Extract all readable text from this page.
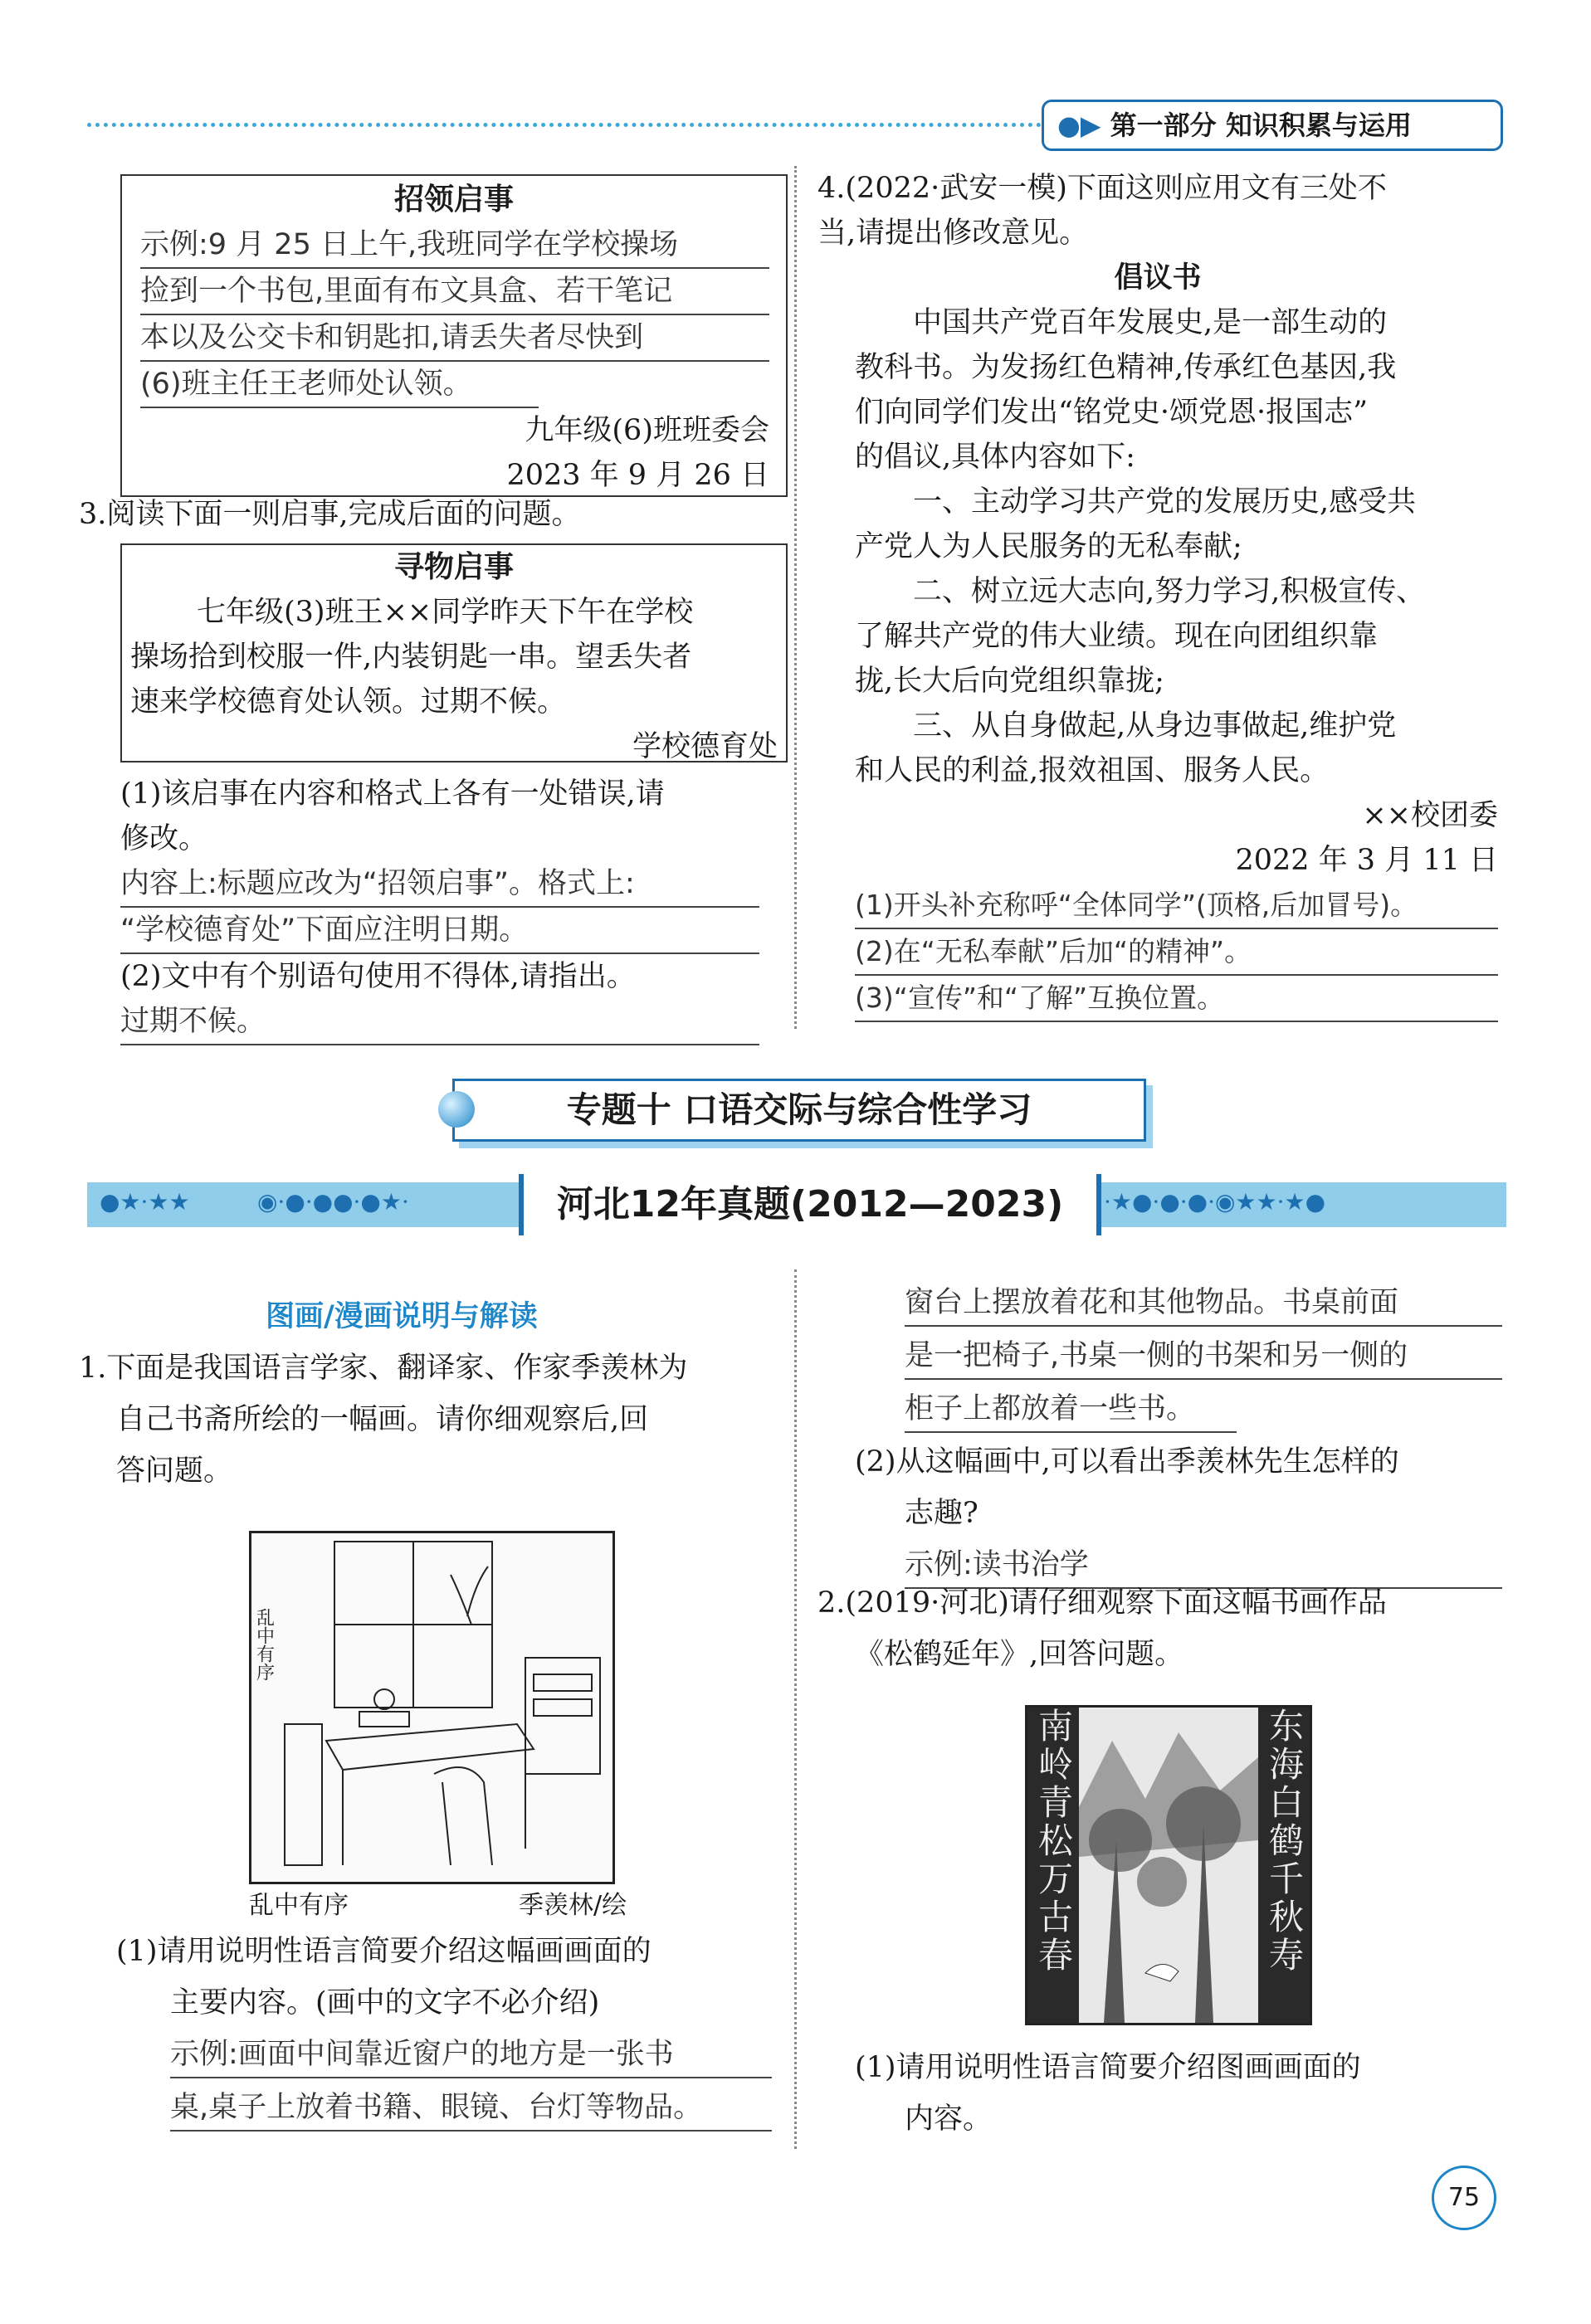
●▶ 第一部分 知识积累与运用
招领启事
示例:9 月 25 日上午,我班同学在学校操场
捡到一个书包,里面有布文具盒、若干笔记
本以及公交卡和钥匙扣,请丢失者尽快到
(6)班主任王老师处认领。
九年级(6)班班委会
2023 年 9 月 26 日
3.阅读下面一则启事,完成后面的问题。
寻物启事
七年级(3)班王××同学昨天下午在学校
操场拾到校服一件,内装钥匙一串。望丢失者
速来学校德育处认领。过期不候。
学校德育处
(1)该启事在内容和格式上各有一处错误,请
修改。
内容上:标题应改为“招领启事”。格式上:
“学校德育处”下面应注明日期。
(2)文中有个别语句使用不得体,请指出。
过期不候。
4.(2022·武安一模)下面这则应用文有三处不
当,请提出修改意见。
倡议书
中国共产党百年发展史,是一部生动的
教科书。为发扬红色精神,传承红色基因,我
们向同学们发出“铭党史·颂党恩·报国志”
的倡议,具体内容如下:
一、主动学习共产党的发展历史,感受共
产党人为人民服务的无私奉献;
二、树立远大志向,努力学习,积极宣传、
了解共产党的伟大业绩。现在向团组织靠
拢,长大后向党组织靠拢;
三、从自身做起,从身边事做起,维护党
和人民的利益,报效祖国、服务人民。
××校团委
2022 年 3 月 11 日
(1)开头补充称呼“全体同学”(顶格,后加冒号)。
(2)在“无私奉献”后加“的精神”。
(3)“宣传”和“了解”互换位置。
专题十 口语交际与综合性学习
●★·★★	◉·●·●●·●★·	·★●·●·●·◉★★·★●
河北12年真题(2012—2023)
图画/漫画说明与解读
1.下面是我国语言学家、翻译家、作家季羡林为
自己书斋所绘的一幅画。请你细观察后,回
答问题。
乱中有序
乱中有序	季羡林/绘
(1)请用说明性语言简要介绍这幅画画面的
主要内容。(画中的文字不必介绍)
示例:画面中间靠近窗户的地方是一张书
桌,桌子上放着书籍、眼镜、台灯等物品。
窗台上摆放着花和其他物品。书桌前面
是一把椅子,书桌一侧的书架和另一侧的
柜子上都放着一些书。
(2)从这幅画中,可以看出季羡林先生怎样的
志趣?
示例:读书治学
2.(2019·河北)请仔细观察下面这幅书画作品
《松鹤延年》,回答问题。
南岭青松万古春	东海白鹤千秋寿
(1)请用说明性语言简要介绍图画画面的
内容。
75
